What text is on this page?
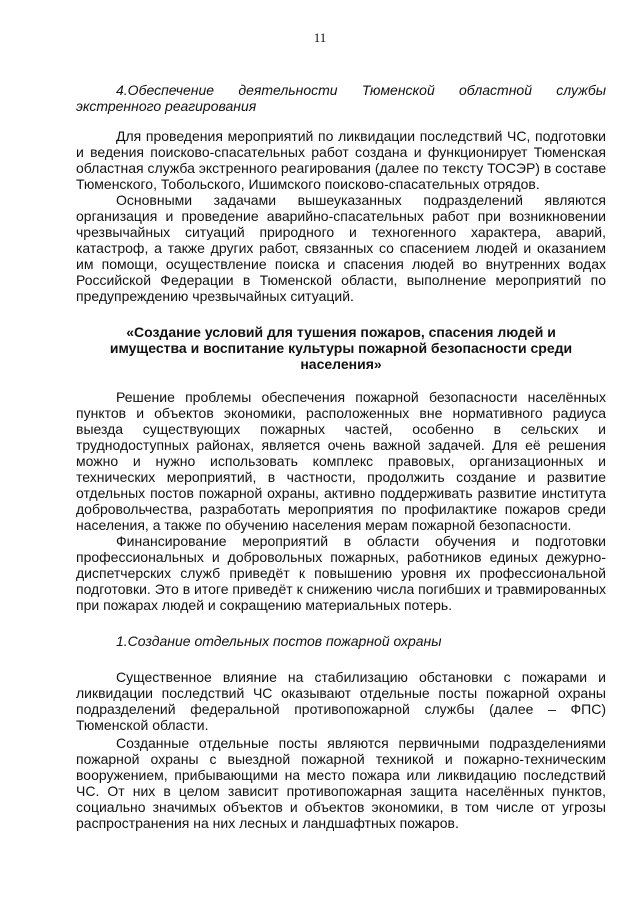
11

4.Обеспечение деятельности Тюменской областной службы

экстренного реагирования

Для проведения мероприятий по ликвидации последствий ЧС, подготовки

и ведения поисково-спасательных работ создана и функционирует Тюменская

областная служба экстренного реагирования (далее по тексту ТОСЭР) в составе

Тюменского, Тобольского, Ишимского поисково-спасательных отрядов.

Основными задачами вышеуказанных подразделений являются

организация и проведение аварийно-спасательных работ при возникновении

чрезвычайных ситуаций природного и техногенного характера, аварий,

катастроф, а также других работ, связанных со спасением людей и оказанием

им помощи, осуществление поиска и спасения людей во внутренних водах

Российской Федерации в Тюменской области, выполнение мероприятий по

предупреждению чрезвычайных ситуаций.

«Создание условий для тушения пожаров, спасения людей и

имущества и воспитание культуры пожарной безопасности среди

населения»

Решение проблемы обеспечения пожарной безопасности населённых

пунктов и объектов экономики, расположенных вне нормативного радиуса

выезда существующих пожарных частей, особенно в сельских и

труднодоступных районах, является очень важной задачей. Для её решения

можно и нужно использовать комплекс правовых, организационных и

технических мероприятий, в частности, продолжить создание и развитие

отдельных постов пожарной охраны, активно поддерживать развитие института

добровольчества, разработать мероприятия по профилактике пожаров среди

населения, а также по обучению населения мерам пожарной безопасности.

Финансирование мероприятий в области обучения и подготовки

профессиональных и добровольных пожарных, работников единых дежурно-

диспетчерских служб приведёт к повышению уровня их профессиональной

подготовки. Это в итоге приведёт к снижению числа погибших и травмированных

при пожарах людей и сокращению материальных потерь.

1.Создание отдельных постов пожарной охраны

Существенное влияние на стабилизацию обстановки с пожарами и

ликвидации последствий ЧС оказывают отдельные посты пожарной охраны

подразделений федеральной противопожарной службы (далее – ФПС)

Тюменской области.

Созданные отдельные посты являются первичными подразделениями

пожарной охраны с выездной пожарной техникой и пожарно-техническим

вооружением, прибывающими на место пожара или ликвидацию последствий

ЧС. От них в целом зависит противопожарная защита населённых пунктов,

социально значимых объектов и объектов экономики, в том числе от угрозы

распространения на них лесных и ландшафтных пожаров.
